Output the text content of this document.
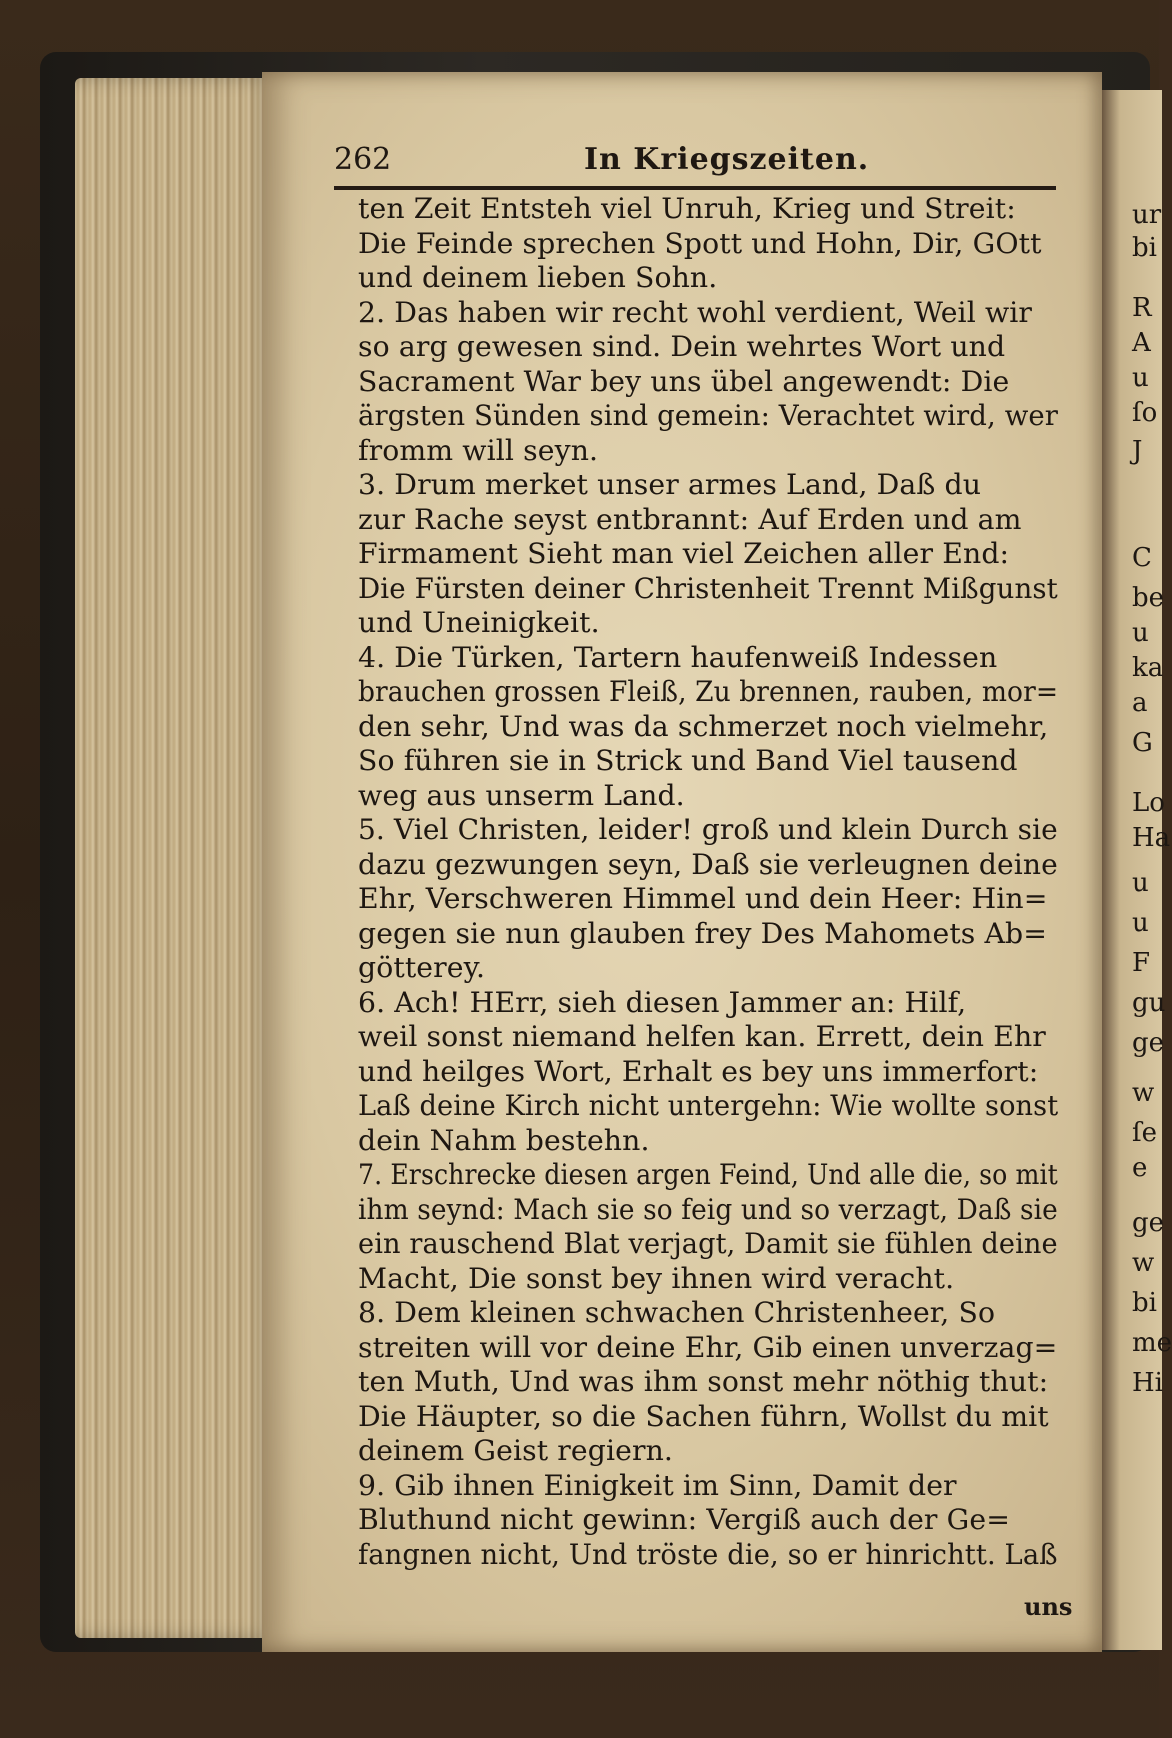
ur
bi
R
A
u
ſo
J
C
be
u
ka
a
G
Lo
Ha
u
u
F
gu
ge
w
ſe
e
ge
w
bi
me
Hi
262	In Kriegszeiten.
ten Zeit Entsteh viel Unruh, Krieg und Streit:
Die Feinde sprechen Spott und Hohn, Dir, GOtt
und deinem lieben Sohn.
2. Das haben wir recht wohl verdient, Weil wir
so arg gewesen sind. Dein wehrtes Wort und
Sacrament War bey uns übel angewendt: Die
ärgsten Sünden sind gemein: Verachtet wird, wer
fromm will seyn.
3. Drum merket unser armes Land, Daß du
zur Rache seyst entbrannt: Auf Erden und am
Firmament Sieht man viel Zeichen aller End:
Die Fürsten deiner Christenheit Trennt Mißgunst
und Uneinigkeit.
4. Die Türken, Tartern haufenweiß Indessen
brauchen grossen Fleiß, Zu brennen, rauben, mor=
den sehr, Und was da schmerzet noch vielmehr,
So führen sie in Strick und Band Viel tausend
weg aus unserm Land.
5. Viel Christen, leider! groß und klein Durch sie
dazu gezwungen seyn, Daß sie verleugnen deine
Ehr, Verschweren Himmel und dein Heer: Hin=
gegen sie nun glauben frey Des Mahomets Ab=
götterey.
6. Ach! HErr, sieh diesen Jammer an: Hilf,
weil sonst niemand helfen kan. Errett, dein Ehr
und heilges Wort, Erhalt es bey uns immerfort:
Laß deine Kirch nicht untergehn: Wie wollte sonst
dein Nahm bestehn.
7. Erschrecke diesen argen Feind, Und alle die, so mit
ihm seynd: Mach sie so feig und so verzagt, Daß sie
ein rauschend Blat verjagt, Damit sie fühlen deine
Macht, Die sonst bey ihnen wird veracht.
8. Dem kleinen schwachen Christenheer, So
streiten will vor deine Ehr, Gib einen unverzag=
ten Muth, Und was ihm sonst mehr nöthig thut:
Die Häupter, so die Sachen führn, Wollst du mit
deinem Geist regiern.
9. Gib ihnen Einigkeit im Sinn, Damit der
Bluthund nicht gewinn: Vergiß auch der Ge=
fangnen nicht, Und tröste die, so er hinrichtt. Laß
uns
